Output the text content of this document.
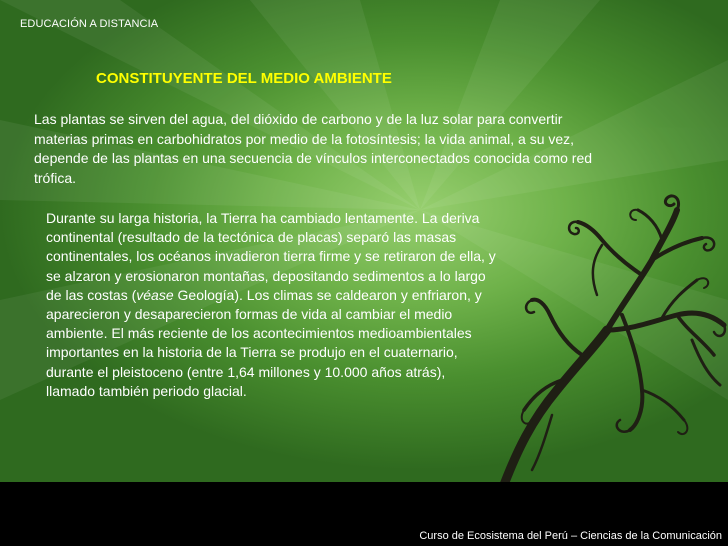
EDUCACIÓN A DISTANCIA
CONSTITUYENTE DEL MEDIO AMBIENTE
Las plantas se sirven del agua, del dióxido de carbono y de la luz solar para convertir materias primas en carbohidratos por medio de la fotosíntesis; la vida animal, a su vez, depende de las plantas en una secuencia de vínculos interconectados conocida como red trófica.
Durante su larga historia, la Tierra ha cambiado lentamente. La deriva continental (resultado de la tectónica de placas) separó las masas continentales, los océanos invadieron tierra firme y se retiraron de ella, y se alzaron y erosionaron montañas, depositando sedimentos a lo largo de las costas (véase Geología). Los climas se caldearon y enfriaron, y aparecieron y desaparecieron formas de vida al cambiar el medio ambiente. El más reciente de los acontecimientos medioambientales importantes en la historia de la Tierra se produjo en el cuaternario, durante el pleistoceno (entre 1,64 millones y 10.000 años atrás), llamado también periodo glacial.
Curso de Ecosistema del Perú – Ciencias de la Comunicación
